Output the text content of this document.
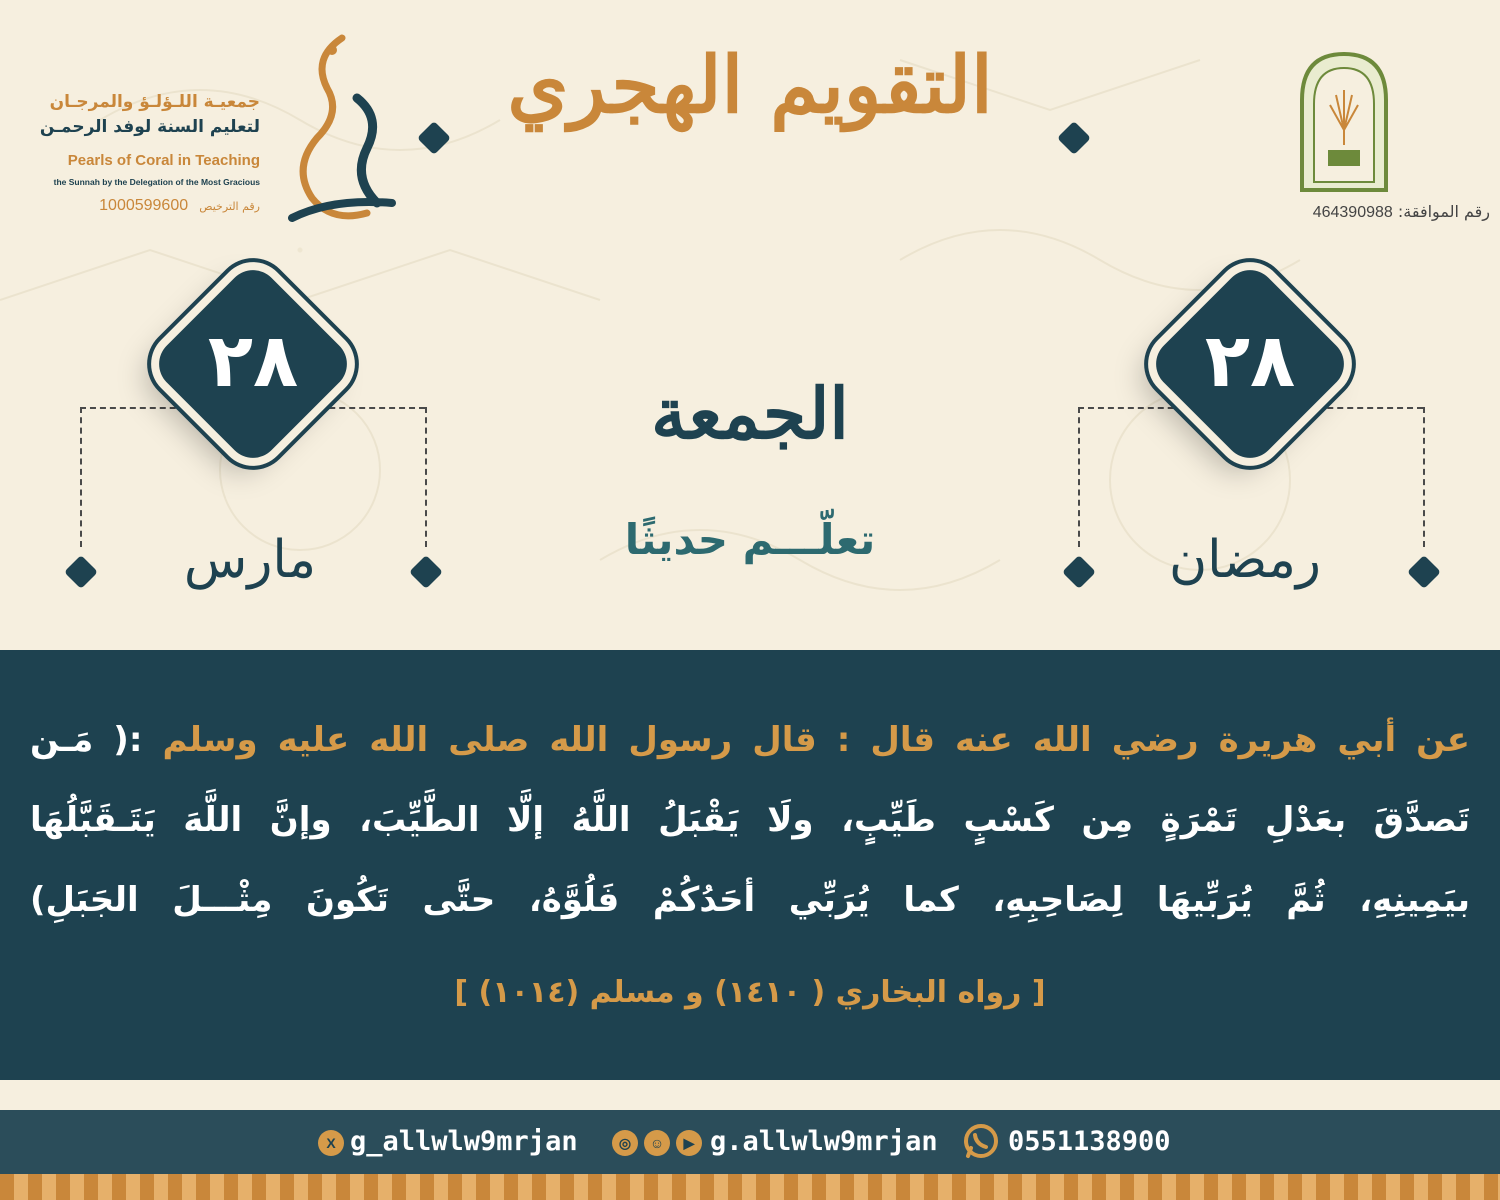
التقويم الهجري
جمعيـة اللـؤلـؤ والمرجـان
لتعليم السنة لوفد الرحمـن
Pearls of Coral in Teaching
the Sunnah by the Delegation of the Most Gracious
رقم الترخيص 1000599600	رقم الموافقة: 464390988
٢٨
مارس
٢٨
رمضان
الجمعة
تعلّـــم حديثًا
عن أبي هريرة رضي الله عنه قال : قال رسول الله صلى الله عليه وسلم :( مَـن
تَصدَّقَ بعَدْلِ تَمْرَةٍ مِن كَسْبٍ طَيِّبٍ، ولَا يَقْبَلُ اللَّهُ إلَّا الطَّيِّبَ، وإنَّ اللَّهَ يَتَـقَبَّلُهَا
بيَمِينِهِ، ثُمَّ يُرَبِّيهَا لِصَاحِبِهِ، كما يُرَبِّي أحَدُكُمْ فَلُوَّهُ، حتَّى تَكُونَ مِثْـــلَ الجَبَلِ)
[ رواه البخاري ( ١٤١٠) و مسلم (١٠١٤) ]
X g_allwlw9mrjan	◎	☺	▶ g.allwlw9mrjan	0551138900
